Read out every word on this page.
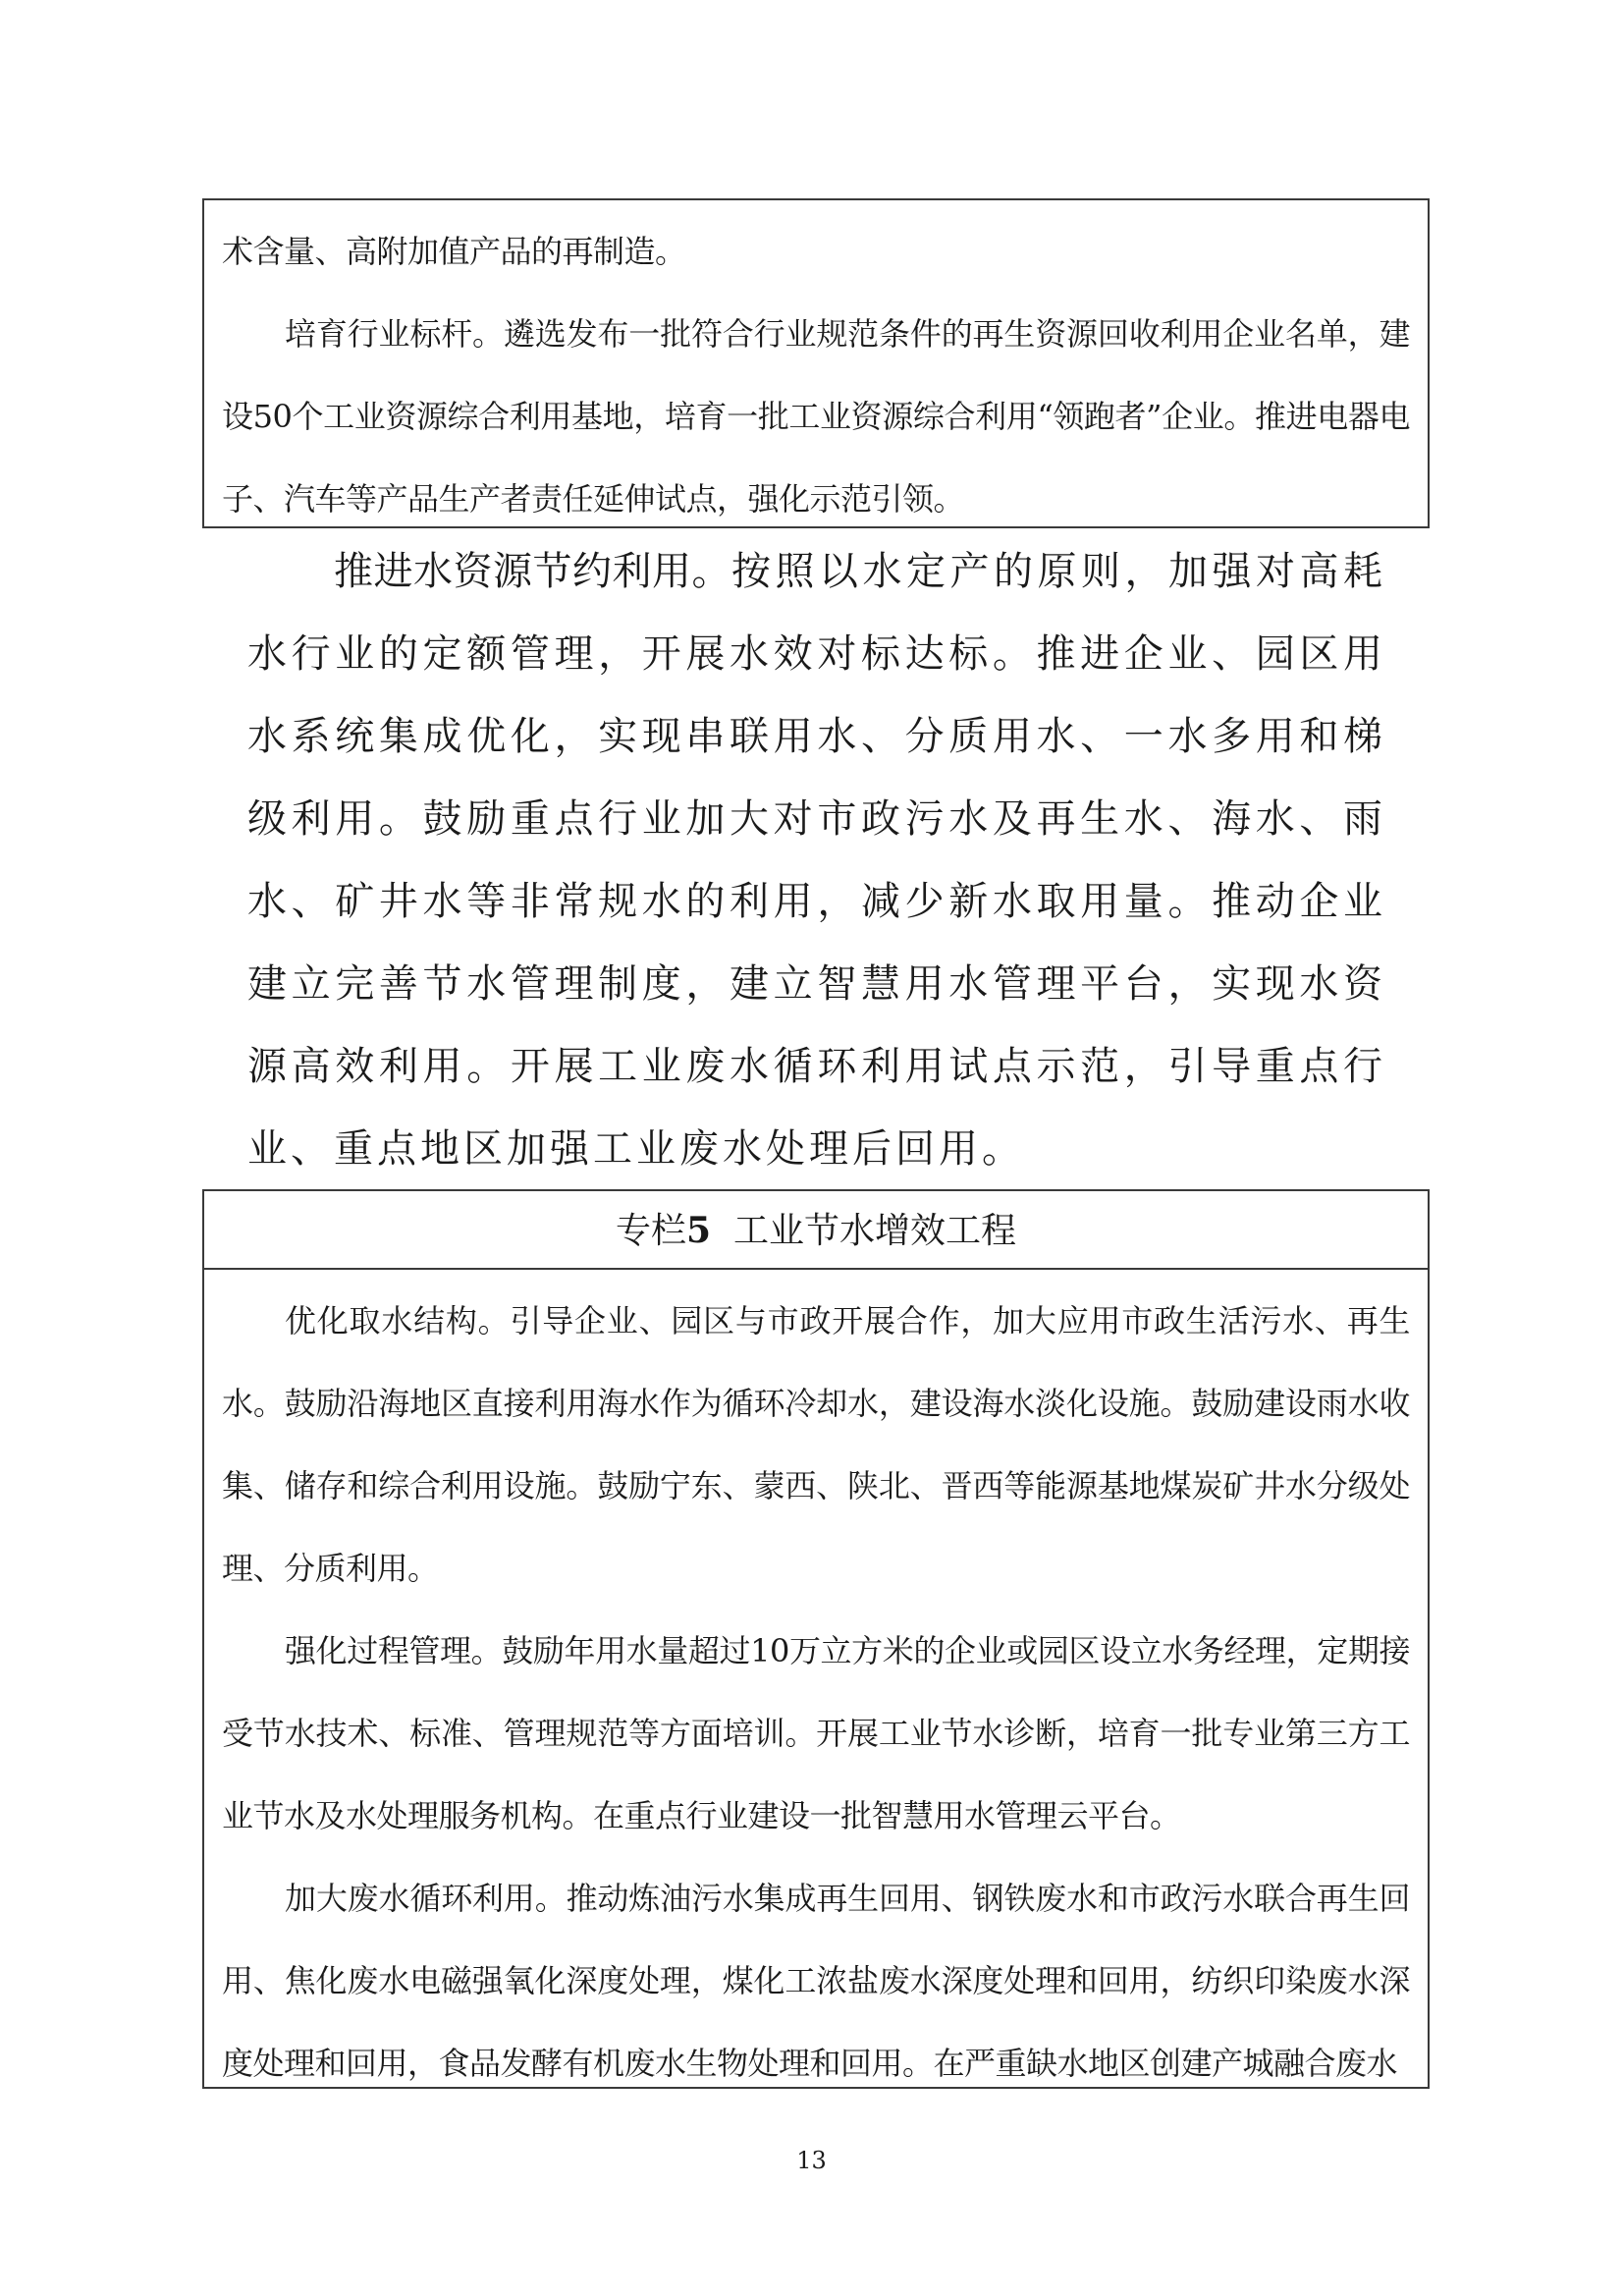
术含量、高附加值产品的再制造。

培育行业标杆。遴选发布一批符合行业规范条件的再生资源回收利用企业名单，建设50个工业资源综合利用基地，培育一批工业资源综合利用“领跑者”企业。推进电器电子、汽车等产品生产者责任延伸试点，强化示范引领。

推进水资源节约利用。按照以水定产的原则，加强对高耗水行业的定额管理，开展水效对标达标。推进企业、园区用水系统集成优化，实现串联用水、分质用水、一水多用和梯级利用。鼓励重点行业加大对市政污水及再生水、海水、雨水、矿井水等非常规水的利用，减少新水取用量。推动企业建立完善节水管理制度，建立智慧用水管理平台，实现水资源高效利用。开展工业废水循环利用试点示范，引导重点行业、重点地区加强工业废水处理后回用。

专栏5 工业节水增效工程

优化取水结构。引导企业、园区与市政开展合作，加大应用市政生活污水、再生水。鼓励沿海地区直接利用海水作为循环冷却水，建设海水淡化设施。鼓励建设雨水收集、储存和综合利用设施。鼓励宁东、蒙西、陕北、晋西等能源基地煤炭矿井水分级处理、分质利用。

强化过程管理。鼓励年用水量超过10万立方米的企业或园区设立水务经理，定期接受节水技术、标准、管理规范等方面培训。开展工业节水诊断，培育一批专业第三方工业节水及水处理服务机构。在重点行业建设一批智慧用水管理云平台。

加大废水循环利用。推动炼油污水集成再生回用、钢铁废水和市政污水联合再生回用、焦化废水电磁强氧化深度处理，煤化工浓盐废水深度处理和回用，纺织印染废水深度处理和回用，食品发酵有机废水生物处理和回用。在严重缺水地区创建产城融合废水

13
